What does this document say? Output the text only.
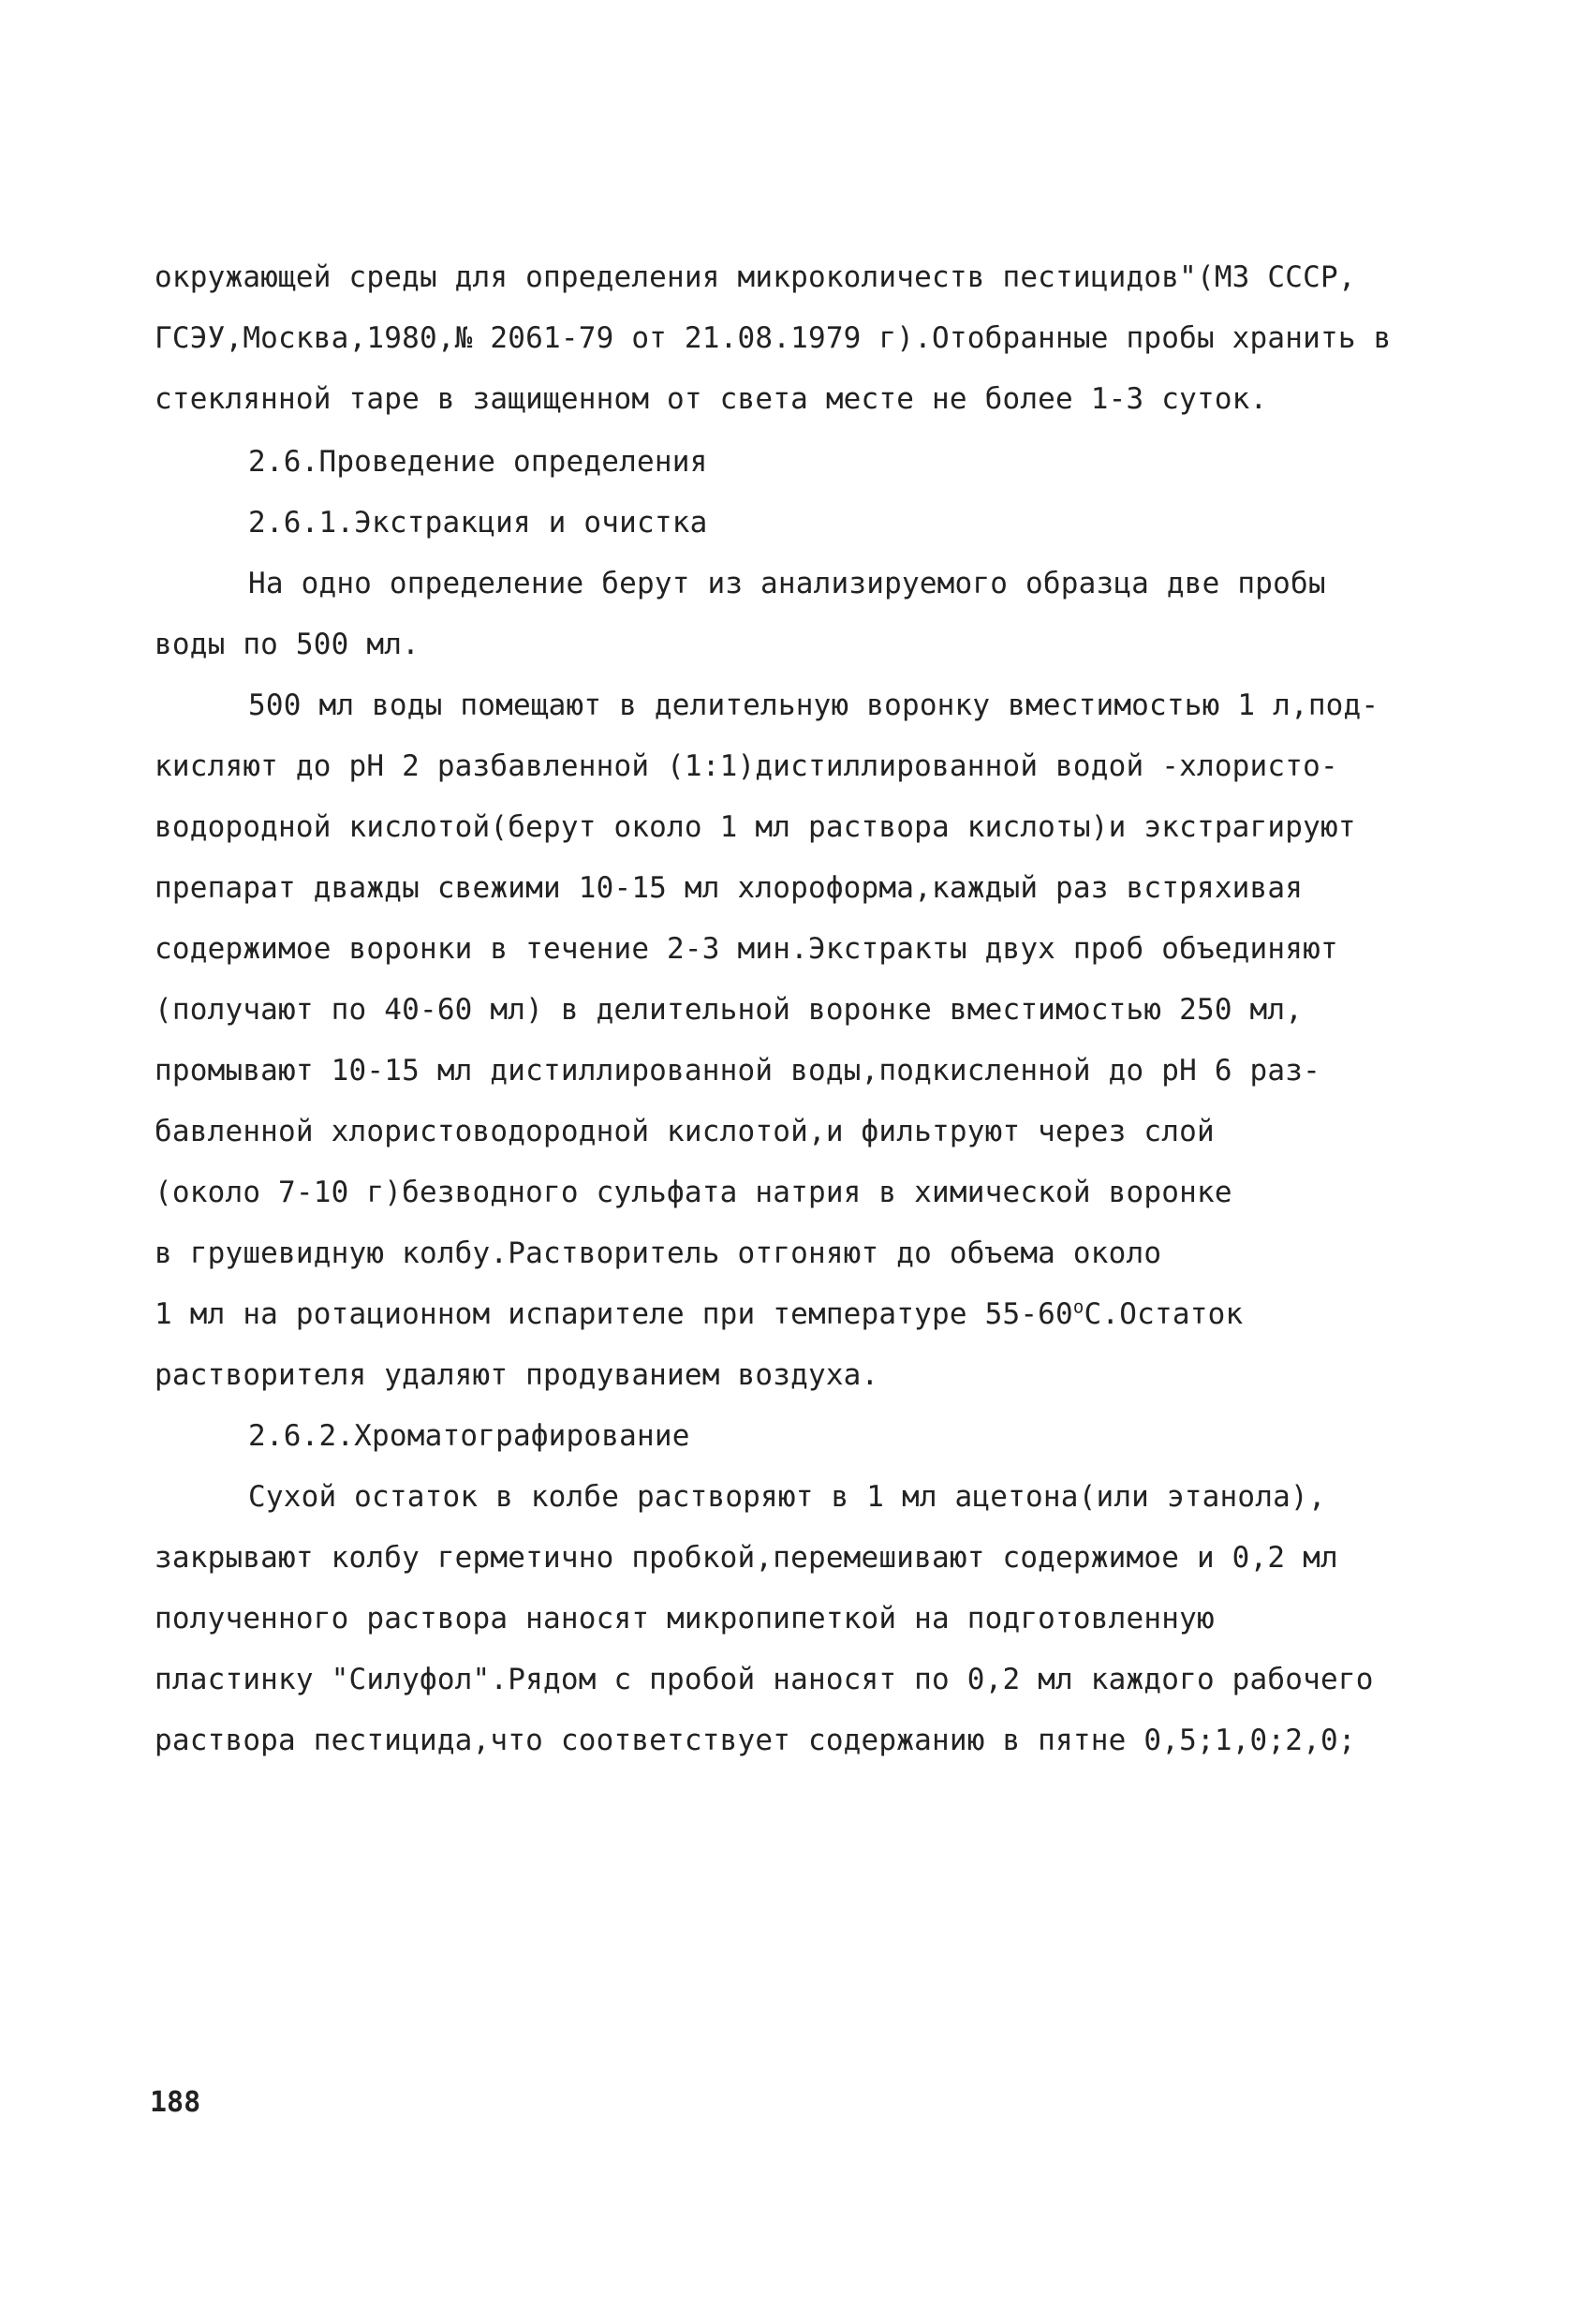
окружающей среды для определения микроколичеств пестицидов"(МЗ СССР,
ГСЭУ,Москва,1980,№ 2061-79 от 21.08.1979 г).Отобранные пробы хранить в
стеклянной таре в защищенном от света месте не более 1-3 суток.
2.6.Проведение определения
2.6.1.Экстракция и очистка
На одно определение берут из анализируемого образца две пробы
воды по 500 мл.
500 мл воды помещают в делительную воронку вместимостью 1 л,под-
кисляют до рН 2 разбавленной (1:1)дистиллированной водой -хлористо-
водородной кислотой(берут около 1 мл раствора кислоты)и экстрагируют
препарат дважды свежими 10-15 мл хлороформа,каждый раз встряхивая
содержимое воронки в течение 2-3 мин.Экстракты двух проб объединяют
(получают по 40-60 мл) в делительной воронке вместимостью 250 мл,
промывают 10-15 мл дистиллированной воды,подкисленной до рН 6 раз-
бавленной хлористоводородной кислотой,и фильтруют через слой
(около 7-10 г)безводного сульфата натрия в химической воронке
в грушевидную колбу.Растворитель отгоняют до объема около
1 мл на ротационном испарителе при температуре $55-60^оС.Остаток$
растворителя удаляют продуванием воздуха.
2.6.2.Хроматографирование
Сухой остаток в колбе растворяют в 1 мл ацетона(или этанола),
закрывают колбу герметично пробкой,перемешивают содержимое и 0,2 мл
полученного раствора наносят микропипеткой на подготовленную
пластинку "Силуфол".Рядом с пробой наносят по 0,2 мл каждого рабочего
раствора пестицида,что соответствует содержанию в пятне 0,5;1,0;2,0;
188
